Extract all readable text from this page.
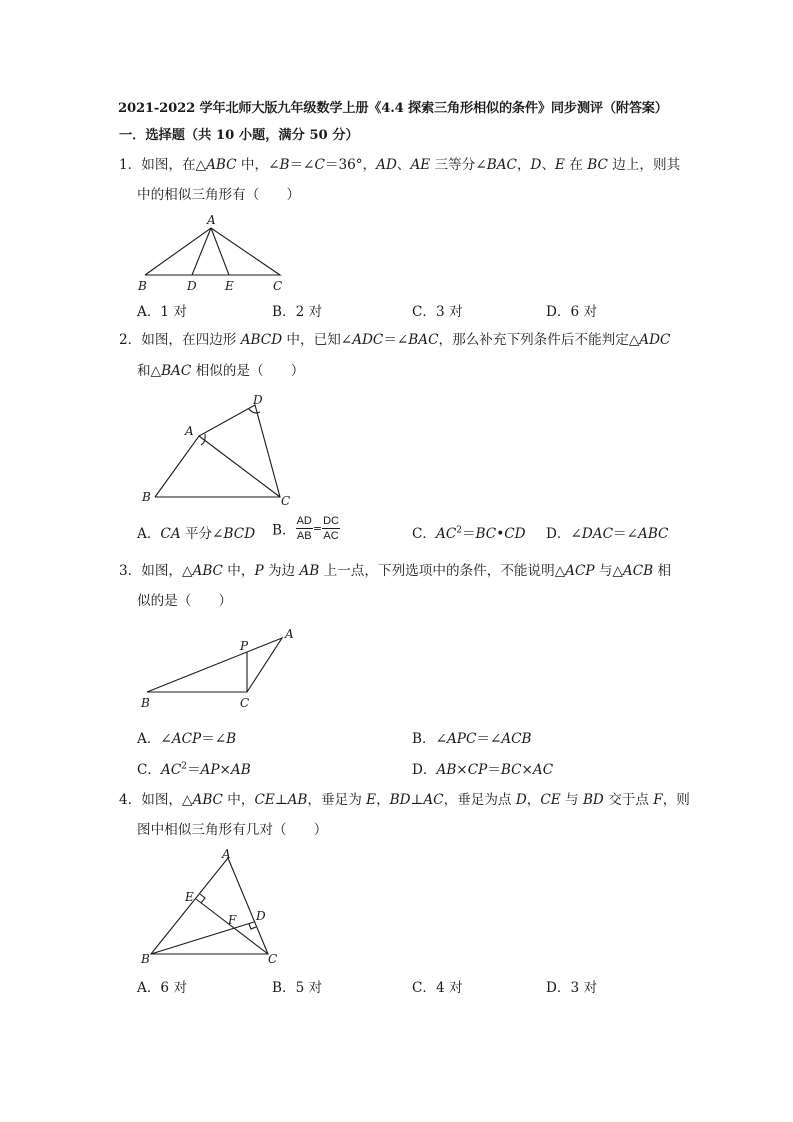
2021-2022 学年北师大版九年级数学上册《4.4 探索三角形相似的条件》同步测评（附答案）
一．选择题（共 10 小题，满分 50 分）
1．如图，在△ABC 中，∠B＝∠C＝36°，AD、AE 三等分∠BAC，D、E 在 BC 边上，则其
中的相似三角形有（　　）
A
B	D E	C
A．1 对	B．2 对	C．3 对	D．6 对
2．如图，在四边形 ABCD 中，已知∠ADC＝∠BAC，那么补充下列条件后不能判定△ADC
和△BAC 相似的是（　　）
A
D
B	C
A．CA 平分∠BCD B． $\frac{AD}{AB} = \frac{DC}{AC}$	C．$AC^2=BC•CD$ D．∠DAC＝∠ABC
3．如图，△ABC 中，P 为边 AB 上一点，下列选项中的条件，不能说明△ACP 与△ACB 相
似的是（　　）
A
P
B	C
A．∠ACP＝∠B	B．∠APC＝∠ACB
C．$AC^2=AP\times AB$	D．AB×CP＝BC×AC
4．如图，△ABC 中，CE⊥AB，垂足为 E，BD⊥AC，垂足为点 D，CE 与 BD 交于点 F，则
图中相似三角形有几对（　　）
A
E
F D
B	C
A．6 对	B．5 对	C．4 对	D．3 对
